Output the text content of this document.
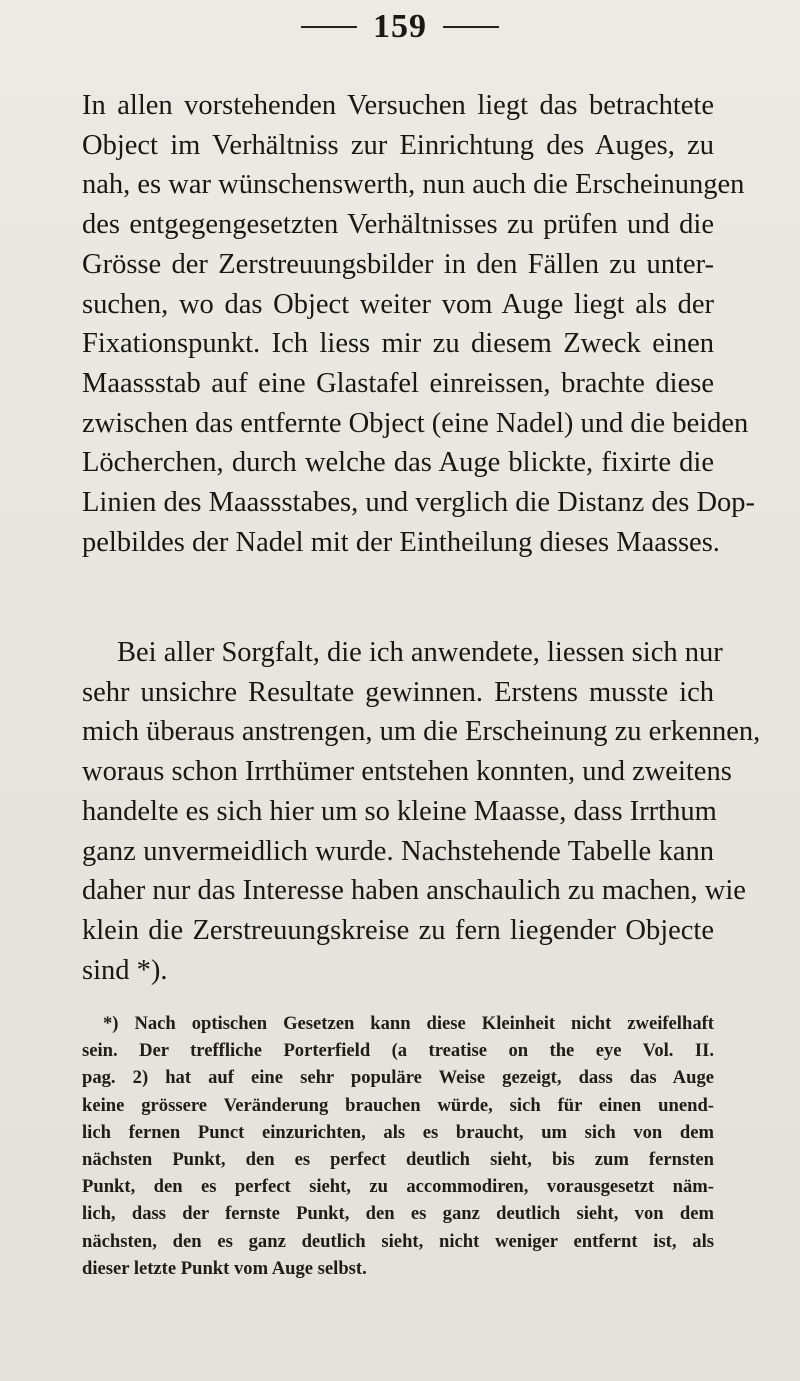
159
In allen vorstehenden Versuchen liegt das betrachtete
Object im Verhältniss zur Einrichtung des Auges, zu
nah, es war wünschenswerth, nun auch die Erscheinungen
des entgegengesetzten Verhältnisses zu prüfen und die
Grösse der Zerstreuungsbilder in den Fällen zu unter-
suchen, wo das Object weiter vom Auge liegt als der
Fixationspunkt. Ich liess mir zu diesem Zweck einen
Maassstab auf eine Glastafel einreissen, brachte diese
zwischen das entfernte Object (eine Nadel) und die beiden
Löcherchen, durch welche das Auge blickte, fixirte die
Linien des Maassstabes, und verglich die Distanz des Dop-
pelbildes der Nadel mit der Eintheilung dieses Maasses.
Bei aller Sorgfalt, die ich anwendete, liessen sich nur
sehr unsichre Resultate gewinnen. Erstens musste ich
mich überaus anstrengen, um die Erscheinung zu erkennen,
woraus schon Irrthümer entstehen konnten, und zweitens
handelte es sich hier um so kleine Maasse, dass Irrthum
ganz unvermeidlich wurde. Nachstehende Tabelle kann
daher nur das Interesse haben anschaulich zu machen, wie
klein die Zerstreuungskreise zu fern liegender Objecte
sind *).
*) Nach optischen Gesetzen kann diese Kleinheit nicht zweifelhaft
sein. Der treffliche Porterfield (a treatise on the eye Vol. II.
pag. 2) hat auf eine sehr populäre Weise gezeigt, dass das Auge
keine grössere Veränderung brauchen würde, sich für einen unend-
lich fernen Punct einzurichten, als es braucht, um sich von dem
nächsten Punkt, den es perfect deutlich sieht, bis zum fernsten
Punkt, den es perfect sieht, zu accommodiren, vorausgesetzt näm-
lich, dass der fernste Punkt, den es ganz deutlich sieht, von dem
nächsten, den es ganz deutlich sieht, nicht weniger entfernt ist, als
dieser letzte Punkt vom Auge selbst.
